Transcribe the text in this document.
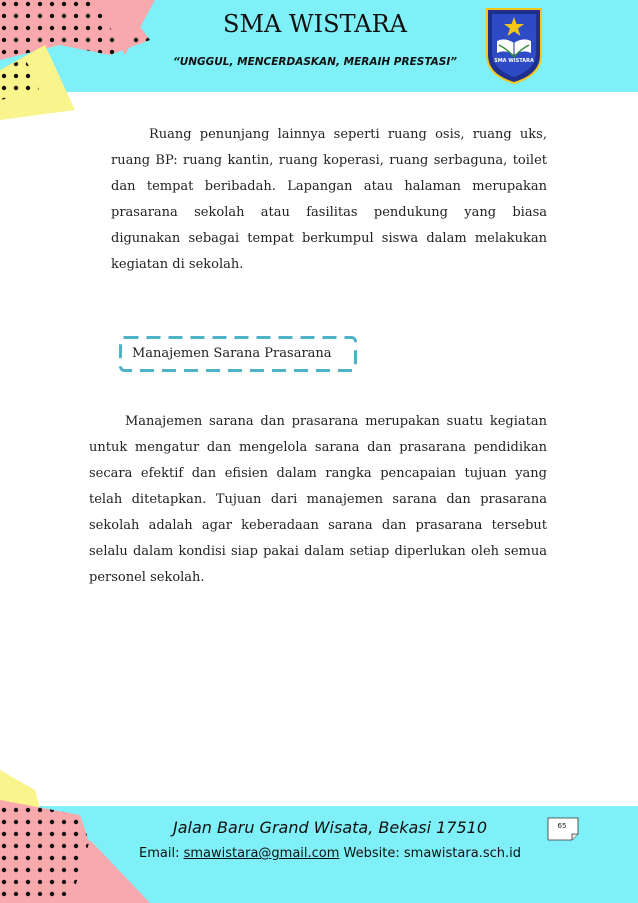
SMA WISTARA
“UNGGUL, MENCERDASKAN, MERAIH PRESTASI”	SMA WISTARA

Ruang penunjang lainnya seperti ruang osis, ruang uks, ruang BP: ruang kantin, ruang koperasi, ruang serbaguna, toilet dan tempat beribadah. Lapangan atau halaman merupakan prasarana sekolah atau fasilitas pendukung yang biasa digunakan sebagai tempat berkumpul siswa dalam melakukan kegiatan di sekolah.

Manajemen Sarana Prasarana

Manajemen sarana dan prasarana merupakan suatu kegiatan untuk mengatur dan mengelola sarana dan prasarana pendidikan secara efektif dan efisien dalam rangka pencapaian tujuan yang telah ditetapkan. Tujuan dari manajemen sarana dan prasarana sekolah adalah agar keberadaan sarana dan prasarana tersebut selalu dalam kondisi siap pakai dalam setiap diperlukan oleh semua personel sekolah.

65
Jalan Baru Grand Wisata, Bekasi 17510
Email: smawistara@gmail.com Website: smawistara.sch.id
